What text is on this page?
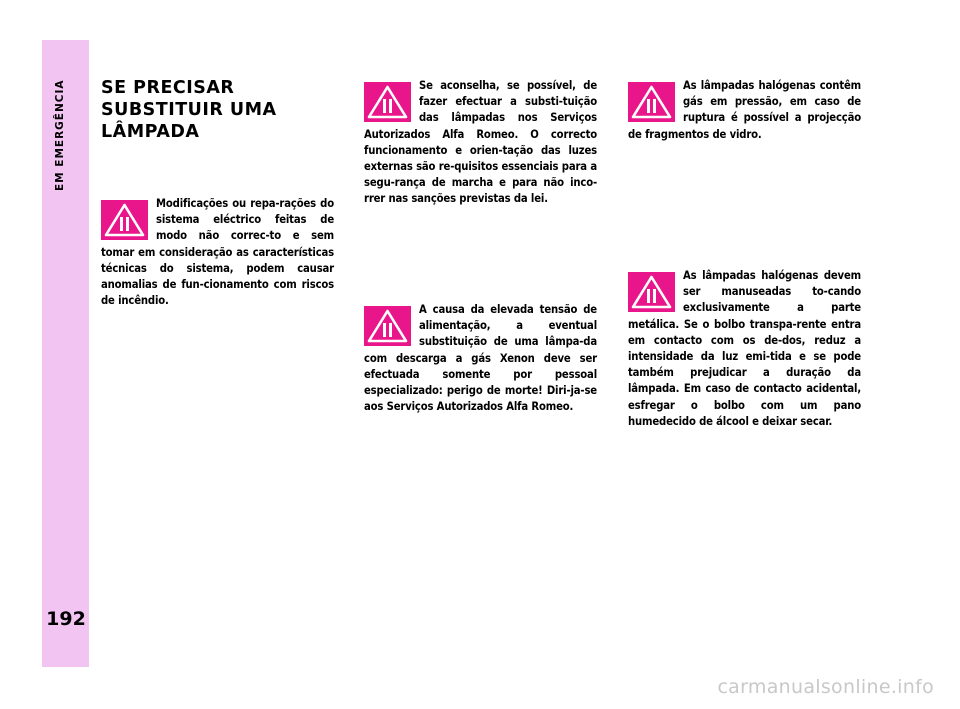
EM EMERGÊNCIA
192
SE PRECISAR
SUBSTITUIR UMA
LÂMPADA

Modificações ou repa-rações do sistema eléctrico feitas de modo não correc-to e sem tomar em consideração as características técnicas do sistema, podem causar anomalias de fun-cionamento com riscos de incêndio.

Se aconselha, se possível, de fazer efectuar a substi-tuição das lâmpadas nos Serviços Autorizados Alfa Romeo. O correcto funcionamento e orien-tação das luzes externas são re-quisitos essenciais para a segu-rança de marcha e para não inco-rrer nas sanções previstas da lei.

A causa da elevada tensão de alimentação, a eventual substituição de uma lâmpa-da com descarga a gás Xenon deve ser efectuada somente por pessoal especializado: perigo de morte! Diri-ja-se aos Serviços Autorizados Alfa Romeo.

As lâmpadas halógenas contêm gás em pressão, em caso de ruptura é possível a projecção de fragmentos de vidro.

As lâmpadas halógenas devem ser manuseadas to-cando exclusivamente a parte metálica. Se o bolbo transpa-rente entra em contacto com os de-dos, reduz a intensidade da luz emi-tida e se pode também prejudicar a duração da lâmpada. Em caso de contacto acidental, esfregar o bolbo com um pano humedecido de álcool e deixar secar.

carmanualsonline.info
